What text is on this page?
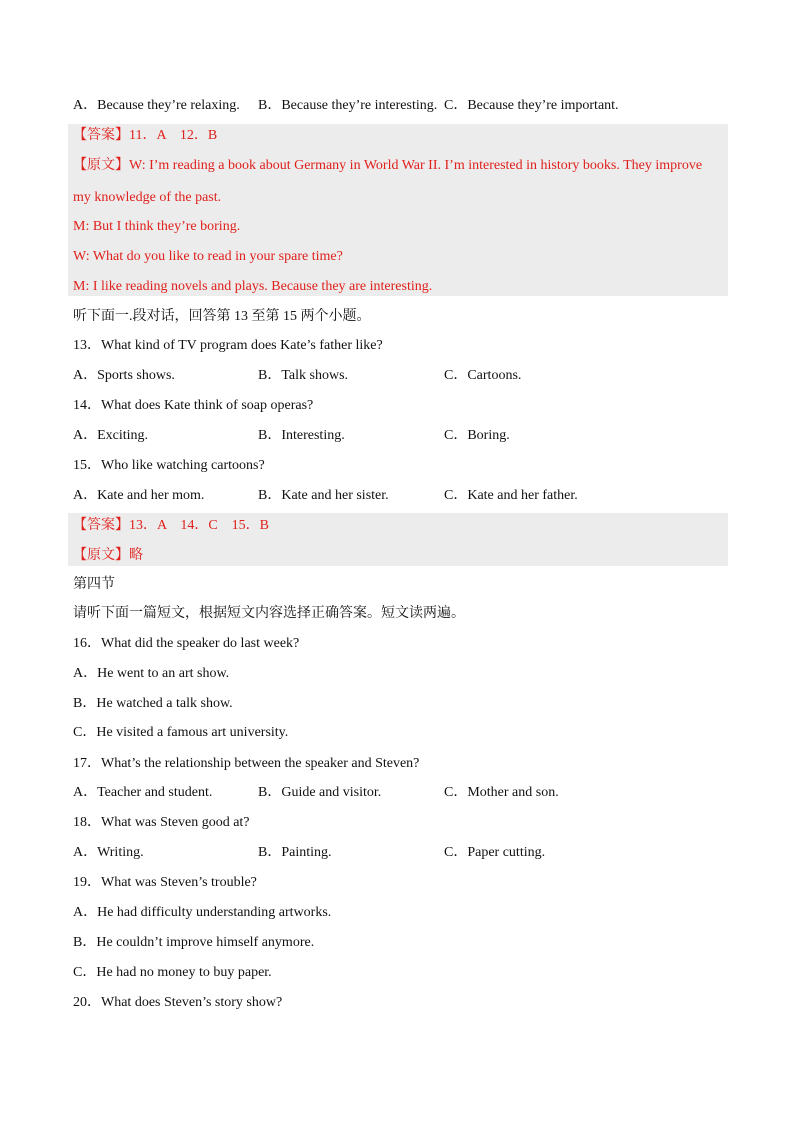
A．Because they’re relaxing. B．Because they’re interesting. C．Because they’re important.
【答案】11．A　12．B
【原文】W: I’m reading a book about Germany in World War II. I’m interested in history books. They improve
my knowledge of the past.
M: But I think they’re boring.
W: What do you like to read in your spare time?
M: I like reading novels and plays. Because they are interesting.
听下面一.段对话，回答第 13 至第 15 两个小题。
13．What kind of TV program does Kate’s father like?
A．Sports shows.	B．Talk shows.	C．Cartoons.
14．What does Kate think of soap operas?
A．Exciting.	B．Interesting.	C．Boring.
15．Who like watching cartoons?
A．Kate and her mom.	B．Kate and her sister.	C．Kate and her father.
【答案】13．A　14．C　15．B
【原文】略
第四节
请听下面一篇短文，根据短文内容选择正确答案。短文读两遍。
16．What did the speaker do last week?
A．He went to an art show.
B．He watched a talk show.
C．He visited a famous art university.
17．What’s the relationship between the speaker and Steven?
A．Teacher and student.	B．Guide and visitor.	C．Mother and son.
18．What was Steven good at?
A．Writing.	B．Painting.	C．Paper cutting.
19．What was Steven’s trouble?
A．He had difficulty understanding artworks.
B．He couldn’t improve himself anymore.
C．He had no money to buy paper.
20．What does Steven’s story show?
